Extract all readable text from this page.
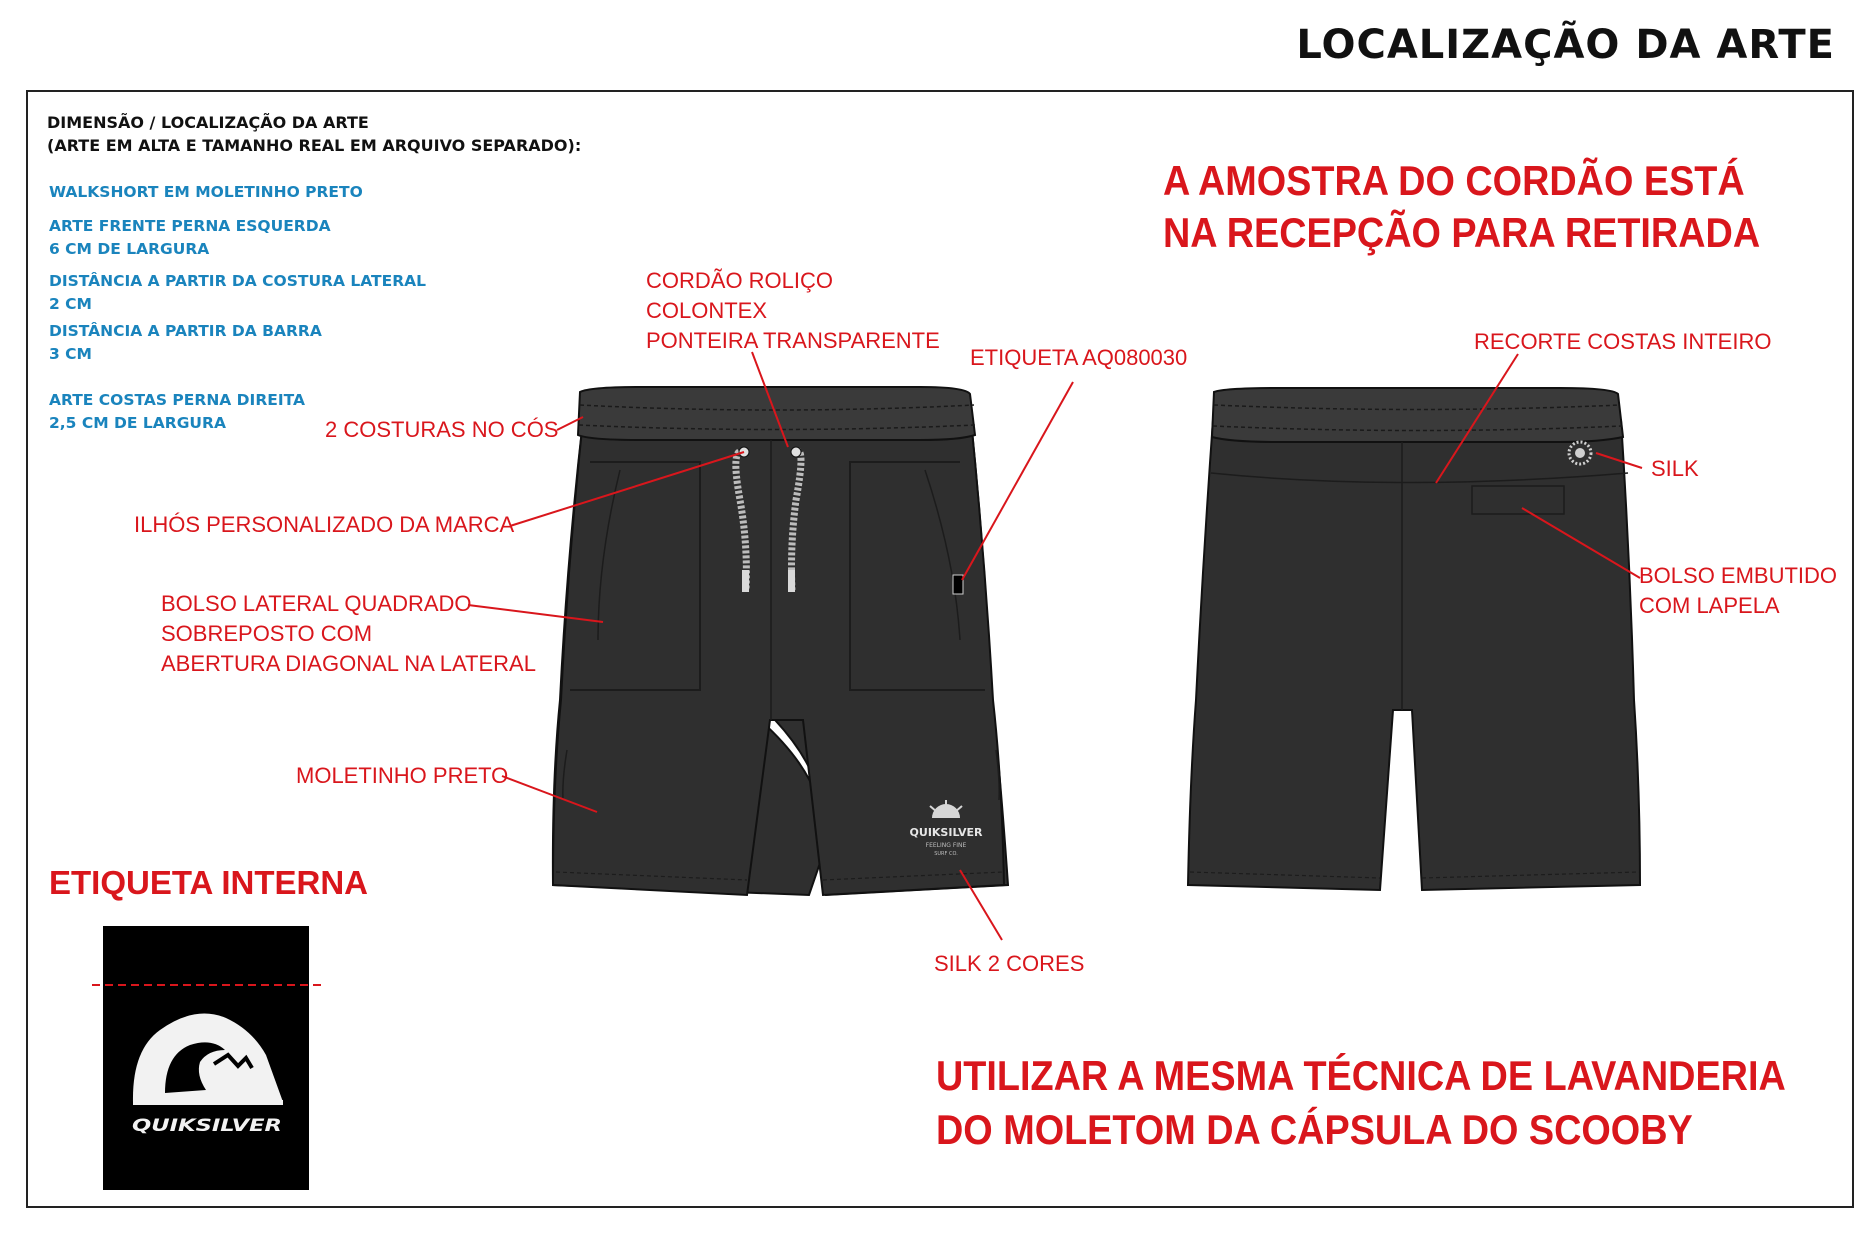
LOCALIZAÇÃO DA ARTE
QUIKSILVER
FEELING FINE
SURF CO.
QUIKSILVER
DIMENSÃO / LOCALIZAÇÃO DA ARTE
(ARTE EM ALTA E TAMANHO REAL EM ARQUIVO SEPARADO):
WALKSHORT EM MOLETINHO PRETO
ARTE FRENTE PERNA ESQUERDA
6 CM DE LARGURA
DISTÂNCIA A PARTIR DA COSTURA LATERAL
2 CM
DISTÂNCIA A PARTIR DA BARRA
3 CM
ARTE COSTAS PERNA DIREITA
2,5 CM DE LARGURA
A AMOSTRA DO CORDÃO ESTÁ
NA RECEPÇÃO PARA RETIRADA
UTILIZAR A MESMA TÉCNICA DE LAVANDERIA
DO MOLETOM DA CÁPSULA DO SCOOBY
CORDÃO ROLIÇO
COLONTEX
PONTEIRA TRANSPARENTE
ETIQUETA AQ080030
2 COSTURAS NO CÓS
ILHÓS PERSONALIZADO DA MARCA
BOLSO LATERAL QUADRADO
SOBREPOSTO COM
ABERTURA DIAGONAL NA LATERAL
MOLETINHO PRETO
SILK 2 CORES
RECORTE COSTAS INTEIRO
SILK
BOLSO EMBUTIDO
COM LAPELA
ETIQUETA INTERNA
